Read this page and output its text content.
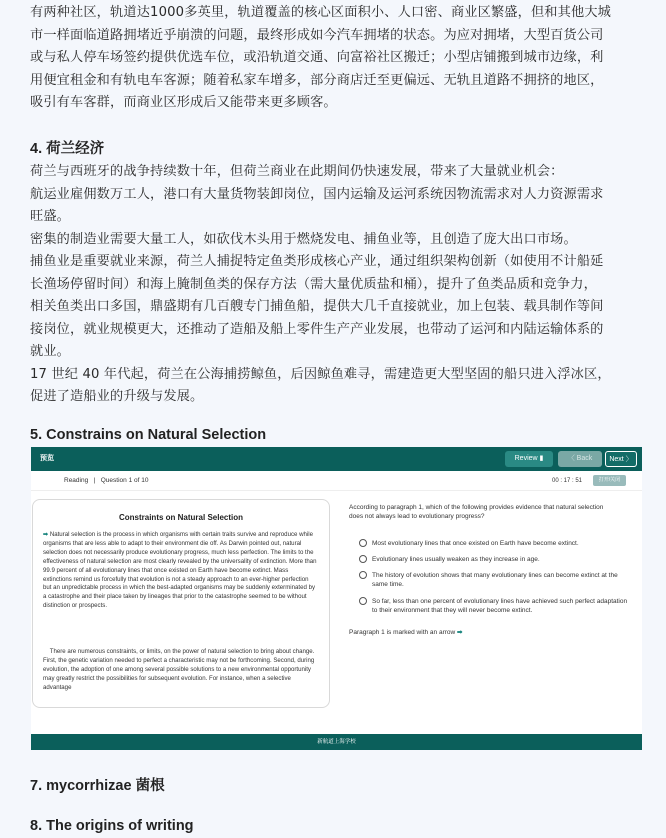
有两种社区，轨道达1000多英里，轨道覆盖的核心区面积小、人口密、商业区繁盛，但和其他大城

市一样面临道路拥堵近乎崩溃的问题，最终形成如今汽车拥堵的状态。为应对拥堵，大型百货公司

或与私人停车场签约提供优选车位，或沿轨道交通、向富裕社区搬迁；小型店铺搬到城市边缘，利

用便宜租金和有轨电车客源；随着私家车增多，部分商店迁至更偏远、无轨且道路不拥挤的地区，

吸引有车客群，而商业区形成后又能带来更多顾客。

4. 荷兰经济

荷兰与西班牙的战争持续数十年，但荷兰商业在此期间仍快速发展，带来了大量就业机会：

航运业雇佣数万工人，港口有大量货物装卸岗位，国内运输及运河系统因物流需求对人力资源需求

旺盛。

密集的制造业需要大量工人，如砍伐木头用于燃烧发电、捕鱼业等，且创造了庞大出口市场。

捕鱼业是重要就业来源，荷兰人捕捉特定鱼类形成核心产业，通过组织架构创新（如使用不计船延

长渔场停留时间）和海上腌制鱼类的保存方法（需大量优质盐和桶），提升了鱼类品质和竞争力，

相关鱼类出口多国，鼎盛期有几百艘专门捕鱼船，提供大几千直接就业，加上包装、载具制作等间

接岗位，就业规模更大，还推动了造船及船上零件生产产业发展，也带动了运河和内陆运输体系的

就业。

17 世纪 40 年代起，荷兰在公海捕捞鲸鱼，后因鲸鱼难寻，需建造更大型坚固的船只进入浮冰区，

促进了造船业的升级与发展。

5. Constrains on Natural Selection
7. mycorrhizae 菌根
8. The origins of writing
预览	Review ▮	〈 Back	Next 〉
Reading   |   Question 1 of 10	00 : 17 : 51	打开/关闭
Constraints on Natural Selection

➡ Natural selection is the process in which organisms with certain traits survive and reproduce while organisms that are less able to adapt to their environment die off. As Darwin pointed out, natural selection does not necessarily produce evolutionary progress, much less perfection. The limits to the effectiveness of natural selection are most clearly revealed by the universality of extinction. More than 99.9 percent of all evolutionary lines that once existed on Earth have become extinct. Mass extinctions remind us forcefully that evolution is not a steady approach to an ever-higher perfection but an unpredictable process in which the best-adapted organisms may be suddenly exterminated by a catastrophe and their place taken by lineages that prior to the catastrophe seemed to be without distinction or prospects.

There are numerous constraints, or limits, on the power of natural selection to bring about change. First, the genetic variation needed to perfect a characteristic may not be forthcoming. Second, during evolution, the adoption of one among several possible solutions to a new environmental opportunity may greatly restrict the possibilities for subsequent evolution. For instance, when a selective advantage

According to paragraph 1, which of the following provides evidence that natural selection does not always lead to evolutionary progress?

Most evolutionary lines that once existed on Earth have become extinct.
Evolutionary lines usually weaken as they increase in age.
The history of evolution shows that many evolutionary lines can become extinct at the same time.
So far, less than one percent of evolutionary lines have achieved such perfect adaptation to their environment that they will never become extinct.
Paragraph 1 is marked with an arrow ➡
新航道上海学校
